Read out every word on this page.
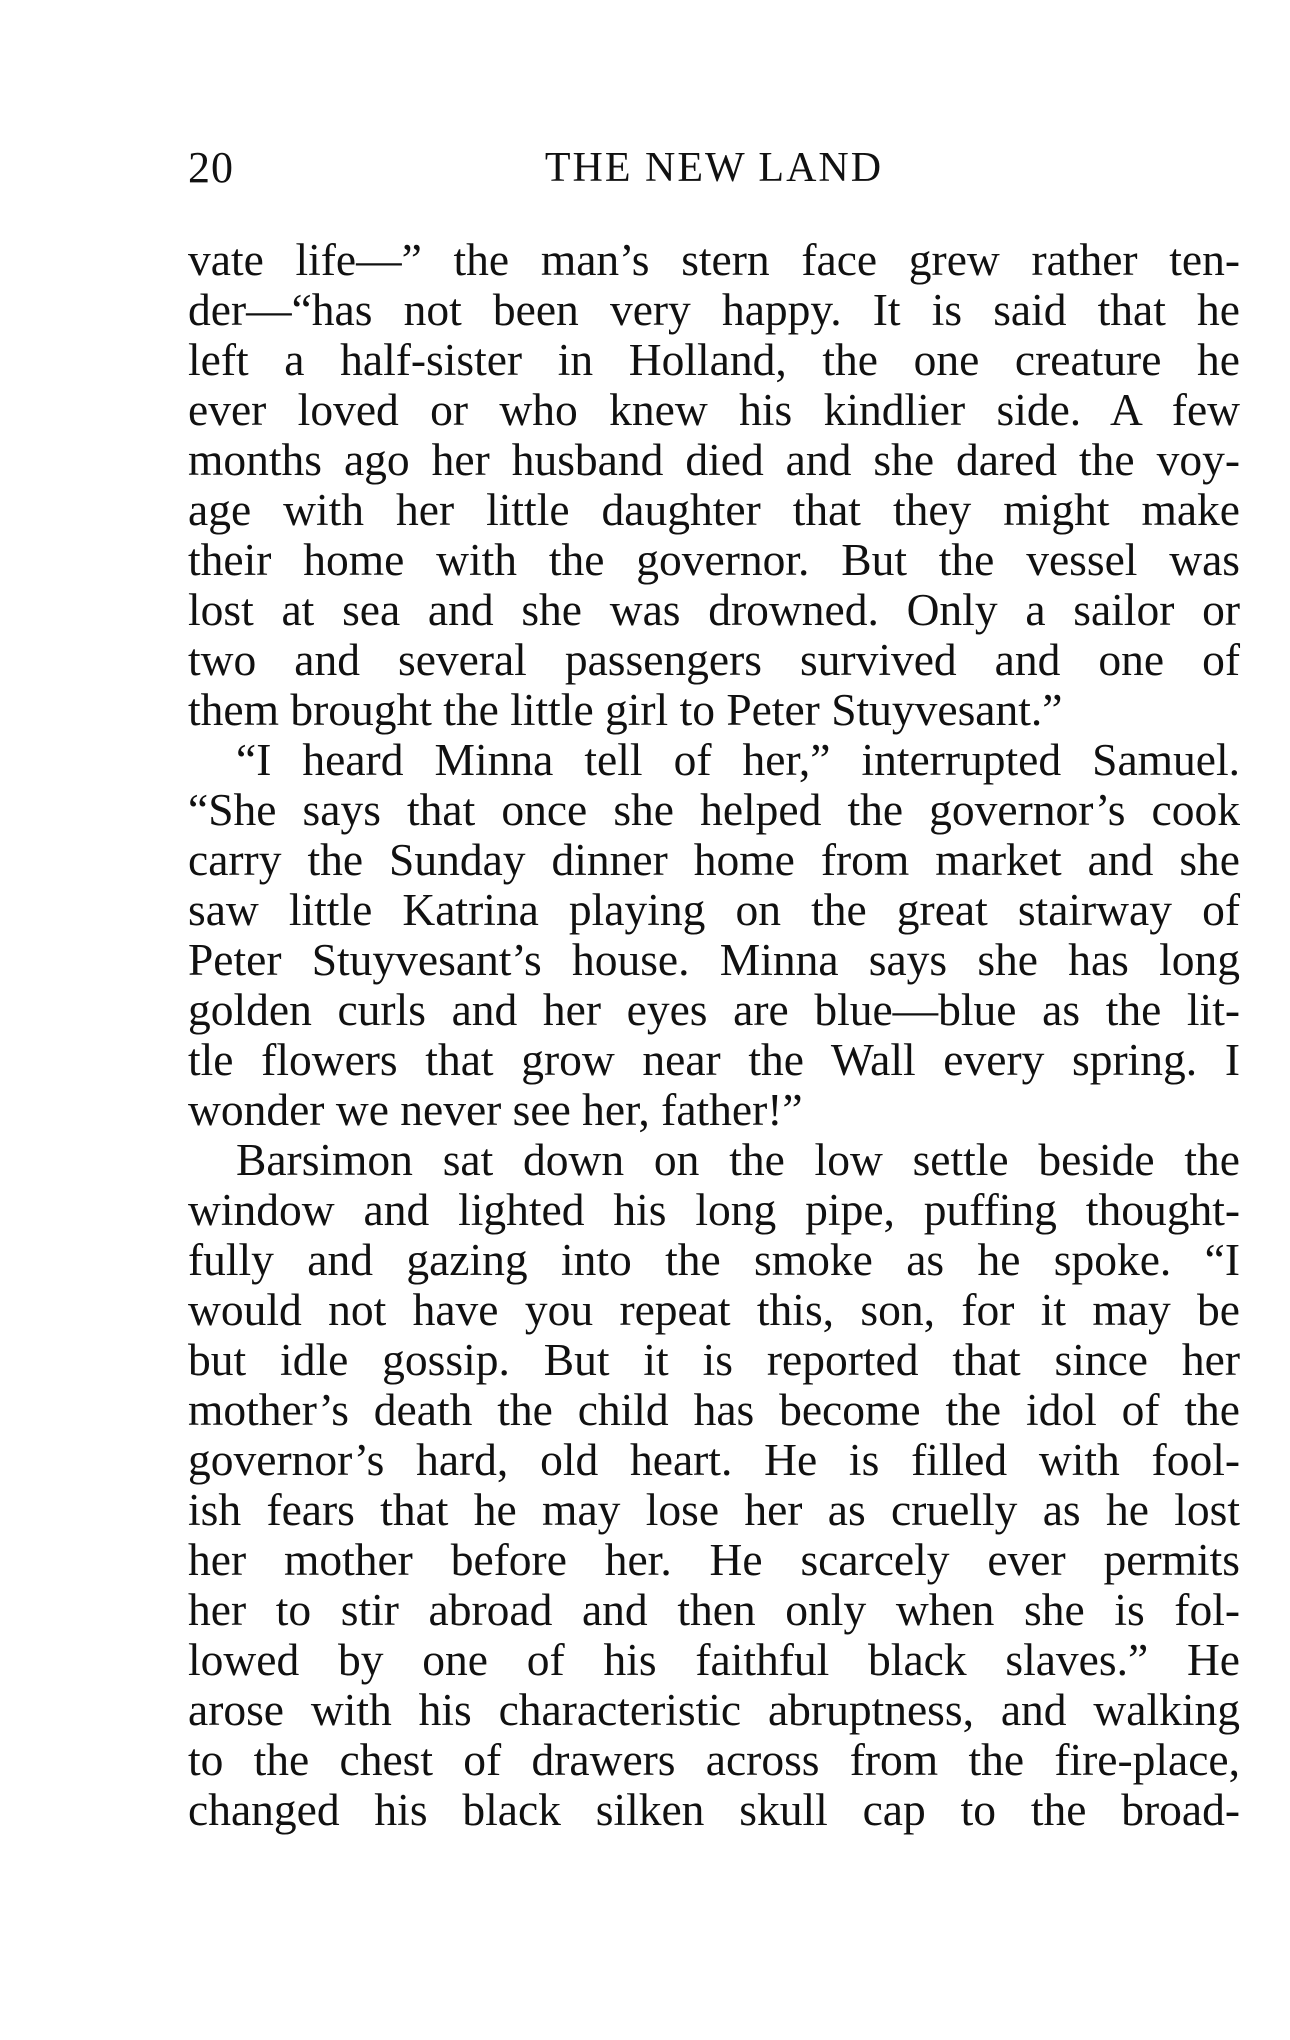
20	THE NEW LAND
vate life—” the man’s stern face grew rather ten-
der—“has not been very happy. It is said that he
left a half-sister in Holland, the one creature he
ever loved or who knew his kindlier side. A few
months ago her husband died and she dared the voy-
age with her little daughter that they might make
their home with the governor. But the vessel was
lost at sea and she was drowned. Only a sailor or
two and several passengers survived and one of
them brought the little girl to Peter Stuyvesant.”
“I heard Minna tell of her,” interrupted Samuel.
“She says that once she helped the governor’s cook
carry the Sunday dinner home from market and she
saw little Katrina playing on the great stairway of
Peter Stuyvesant’s house. Minna says she has long
golden curls and her eyes are blue—blue as the lit-
tle flowers that grow near the Wall every spring. I
wonder we never see her, father!”
Barsimon sat down on the low settle beside the
window and lighted his long pipe, puffing thought-
fully and gazing into the smoke as he spoke. “I
would not have you repeat this, son, for it may be
but idle gossip. But it is reported that since her
mother’s death the child has become the idol of the
governor’s hard, old heart. He is filled with fool-
ish fears that he may lose her as cruelly as he lost
her mother before her. He scarcely ever permits
her to stir abroad and then only when she is fol-
lowed by one of his faithful black slaves.” He
arose with his characteristic abruptness, and walking
to the chest of drawers across from the fire-place,
changed his black silken skull cap to the broad-
